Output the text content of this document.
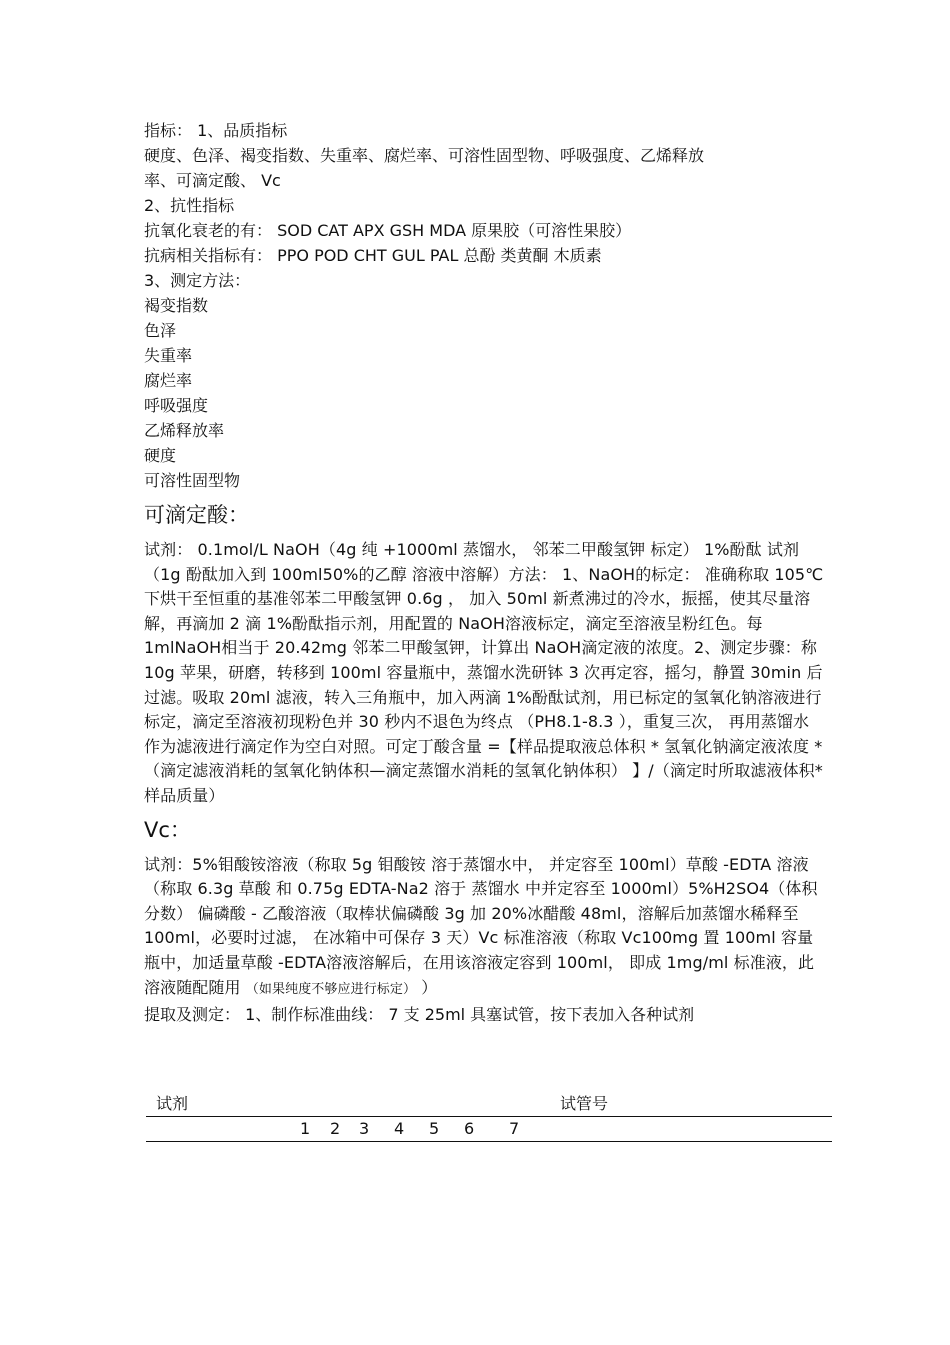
指标： 1、品质指标
硬度、色泽、褐变指数、失重率、腐烂率、可溶性固型物、呼吸强度、乙烯释放
率、可滴定酸、 Vc
2、抗性指标
抗氧化衰老的有： SOD CAT APX GSH MDA 原果胶（可溶性果胶）
抗病相关指标有： PPO POD CHT GUL PAL 总酚 类黄酮 木质素
3、测定方法：
褐变指数
色泽
失重率
腐烂率
呼吸强度
乙烯释放率
硬度
可溶性固型物
可滴定酸：
试剂： 0.1mol/L NaOH（4g 纯 +1000ml 蒸馏水， 邻苯二甲酸氢钾 标定） 1%酚酞 试剂（1g 酚酞加入到 100ml50%的乙醇 溶液中溶解）方法： 1、NaOH的标定： 准确称取 105℃下烘干至恒重的基准邻苯二甲酸氢钾 0.6g ， 加入 50ml 新煮沸过的冷水，振摇，使其尽量溶解，再滴加 2 滴 1%酚酞指示剂，用配置的 NaOH溶液标定，滴定至溶液呈粉红色。每 1mlNaOH相当于 20.42mg 邻苯二甲酸氢钾，计算出 NaOH滴定液的浓度。2、测定步骤：称 10g 苹果，研磨，转移到 100ml 容量瓶中，蒸馏水洗研钵 3 次再定容，摇匀，静置 30min 后过滤。吸取 20ml 滤液，转入三角瓶中，加入两滴 1%酚酞试剂，用已标定的氢氧化钠溶液进行标定，滴定至溶液初现粉色并 30 秒内不退色为终点 （PH8.1-8.3 ），重复三次， 再用蒸馏水作为滤液进行滴定作为空白对照。可定丁酸含量 =【样品提取液总体积 * 氢氧化钠滴定液浓度 *（滴定滤液消耗的氢氧化钠体积—滴定蒸馏水消耗的氢氧化钠体积） 】/（滴定时所取滤液体积*样品质量）
Vc：
试剂：5%钼酸铵溶液（称取 5g 钼酸铵 溶于蒸馏水中， 并定容至 100ml）草酸 -EDTA 溶液（称取 6.3g 草酸 和 0.75g EDTA-Na2 溶于 蒸馏水 中并定容至 1000ml）5%H2SO4（体积分数） 偏磷酸 - 乙酸溶液（取棒状偏磷酸 3g 加 20%冰醋酸 48ml，溶解后加蒸馏水稀释至 100ml，必要时过滤， 在冰箱中可保存 3 天）Vc 标准溶液（称取 Vc100mg 置 100ml 容量瓶中，加适量草酸 -EDTA溶液溶解后，在用该溶液定容到 100ml， 即成 1mg/ml 标准液，此溶液随配随用 （如果纯度不够应进行标定） ）
提取及测定： 1、制作标准曲线： 7 支 25ml 具塞试管，按下表加入各种试剂
试剂	试管号
1 2 3 4 5 6 7
